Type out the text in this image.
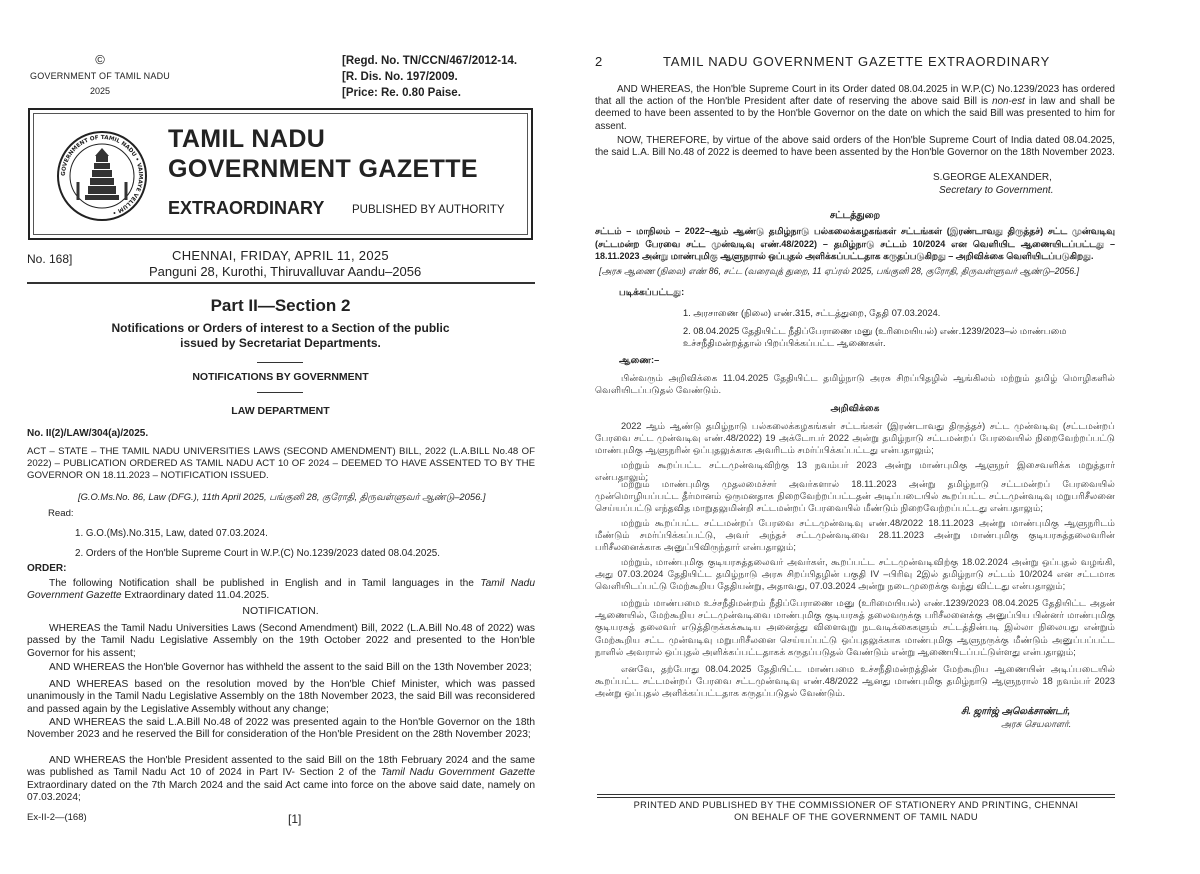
©
GOVERNMENT OF TAMIL NADU
2025
[Regd. No. TN/CCN/467/2012-14.
[R. Dis. No. 197/2009.
[Price: Re. 0.80 Paise.
GOVERNMENT OF TAMIL NADU • VAIMAYE VELLUM •
TAMIL NADU
GOVERNMENT GAZETTE
EXTRAORDINARY PUBLISHED BY AUTHORITY
No. 168]	CHENNAI, FRIDAY, APRIL 11, 2025
Panguni 28, Kurothi, Thiruvalluvar Aandu–2056
Part II—Section 2
Notifications or Orders of interest to a Section of the public
issued by Secretariat Departments.
NOTIFICATIONS BY GOVERNMENT
LAW DEPARTMENT
No. II(2)/LAW/304(a)/2025.
ACT – STATE – THE TAMIL NADU UNIVERSITIES LAWS (SECOND AMENDMENT) BILL, 2022 (L.A.BILL No.48 OF 2022) – PUBLICATION ORDERED AS TAMIL NADU ACT 10 OF 2024 – DEEMED TO HAVE ASSENTED TO BY THE GOVERNOR ON 18.11.2023 – NOTIFICATION ISSUED.
[G.O.Ms.No. 86, Law (DFG.), 11th April 2025, பங்குனி 28, குரோதி, திருவள்ளுவர் ஆண்டு–2056.]
Read:
1. G.O.(Ms).No.315, Law, dated 07.03.2024.
2. Orders of the Hon'ble Supreme Court in W.P.(C) No.1239/2023 dated 08.04.2025.
ORDER:
The following Notification shall be published in English and in Tamil languages in the Tamil Nadu Government Gazette Extraordinary dated 11.04.2025.
NOTIFICATION.
WHEREAS the Tamil Nadu Universities Laws (Second Amendment) Bill, 2022 (L.A.Bill No.48 of 2022) was passed by the Tamil Nadu Legislative Assembly on the 19th October 2022 and presented to the Hon'ble Governor for his assent;
AND WHEREAS the Hon'ble Governor has withheld the assent to the said Bill on the 13th November 2023;
AND WHEREAS based on the resolution moved by the Hon'ble Chief Minister, which was passed unanimously in the Tamil Nadu Legislative Assembly on the 18th November 2023, the said Bill was reconsidered and passed again by the Legislative Assembly without any change;
AND WHEREAS the said L.A.Bill No.48 of 2022 was presented again to the Hon'ble Governor on the 18th November 2023 and he reserved the Bill for consideration of the Hon'ble President on the 28th November 2023;
AND WHEREAS the Hon'ble President assented to the said Bill on the 18th February 2024 and the same was published as Tamil Nadu Act 10 of 2024 in Part IV- Section 2 of the Tamil Nadu Government Gazette Extraordinary dated on the 7th March 2024 and the said Act came into force on the above said date, namely on 07.03.2024;
Ex-II-2—(168)	[1]
2	TAMIL NADU GOVERNMENT GAZETTE EXTRAORDINARY
AND WHEREAS, the Hon'ble Supreme Court in its Order dated 08.04.2025 in W.P.(C) No.1239/2023 has ordered that all the action of the Hon'ble President after date of reserving the above said Bill is non-est in law and shall be deemed to have been assented to by the Hon'ble Governor on the date on which the said Bill was presented to him for assent.
NOW, THEREFORE, by virtue of the above said orders of the Hon'ble Supreme Court of India dated 08.04.2025, the said L.A. Bill No.48 of 2022 is deemed to have been assented by the Hon'ble Governor on the 18th November 2023.
S.GEORGE ALEXANDER,
Secretary to Government.
சட்டத்துறை
சட்டம் – மாநிலம் – 2022–ஆம் ஆண்டு தமிழ்நாடு பல்கலைக்கழகங்கள் சட்டங்கள் (இரண்டாவது திருத்தச்) சட்ட முன்வடிவு (சட்டமன்ற பேரவை சட்ட முன்வடிவு எண்.48/2022) – தமிழ்நாடு சட்டம் 10/2024 என வெளியிட ஆணையிடப்பட்டது – 18.11.2023 அன்று மாண்புமிகு ஆளுநரால் ஒப்புதல் அளிக்கப்பட்டதாக கருதப்படுகிறது – அறிவிக்கை வெளியிடப்படுகிறது.
[அரசு ஆணை (நிலை) எண் 86, சட்ட (வரைவுத் துறை, 11 ஏப்ரல் 2025, பங்குனி 28, குரோதி, திருவள்ளுவர் ஆண்டு–2056.]
படிக்கப்பட்டது:
1. அரசாணை (நிலை) எண்.315, சட்டத்துறை, தேதி 07.03.2024.
2. 08.04.2025 தேதியிட்ட நீதிப்பேராணை மனு (உரிமையியல்) எண்.1239/2023–ல் மாண்பமை உச்சநீதிமன்றத்தால் பிறப்பிக்கப்பட்ட ஆணைகள்.
ஆணை:–
பின்வரும் அறிவிக்கை 11.04.2025 தேதியிட்ட தமிழ்நாடு அரசு சிறப்பிதழில் ஆங்கிலம் மற்றும் தமிழ் மொழிகளில் வெளியிடப்படுதல் வேண்டும்.
அறிவிக்கை
2022 ஆம் ஆண்டு தமிழ்நாடு பல்கலைக்கழகங்கள் சட்டங்கள் (இரண்டாவது திருத்தச்) சட்ட முன்வடிவு (சட்டமன்றப் பேரவை சட்ட முன்வடிவு எண்.48/2022) 19 அக்டோபர் 2022 அன்று தமிழ்நாடு சட்டமன்றப் பேரவையில் நிறைவேற்றப்பட்டு மாண்புமிகு ஆளுநரின் ஒப்புதலுக்காக அவரிடம் சமர்ப்பிக்கப்பட்டது என்பதாலும்;
மற்றும் கூறப்பட்ட சட்டமுன்வடிவிற்கு 13 நவம்பர் 2023 அன்று மாண்புமிகு ஆளுநர் இசைவளிக்க மறுத்தார் என்பதாலும்;
மற்றும் மாண்புமிகு முதலமைச்சர் அவர்களால் 18.11.2023 அன்று தமிழ்நாடு சட்டமன்றப் பேரவையில் முன்மொழியப்பட்ட தீர்மானம் ஒருமனதாக நிறைவேற்றப்பட்டதன் அடிப்படையில் கூறப்பட்ட சட்டமுன்வடிவு மறுபரிசீலனை செய்யப்பட்டு எந்தவித மாறுதலுமின்றி சட்டமன்றப் பேரவையில் மீண்டும் நிறைவேற்றப்பட்டது என்பதாலும்;
மற்றும் கூறப்பட்ட சட்டமன்றப் பேரவை சட்டமுன்வடிவு எண்.48/2022 18.11.2023 அன்று மாண்புமிகு ஆளுநரிடம் மீண்டும் சமர்ப்பிக்கப்பட்டு, அவர் அந்தச் சட்டமுன்வடிவை 28.11.2023 அன்று மாண்புமிகு குடியரசுத்தலைவரின் பரிசீலனைக்காக அனுப்பிவிருந்தார் என்பதாலும்;
மற்றும், மாண்புமிகு குடியரசுத்தலைவர் அவர்கள், கூறப்பட்ட சட்டமுன்வடிவிற்கு 18.02.2024 அன்று ஒப்புதல் வழங்கி, அது 07.03.2024 தேதியிட்ட தமிழ்நாடு அரசு சிறப்பிதழின் பகுதி IV –பிரிவு 2இல் தமிழ்நாடு சட்டம் 10/2024 என சட்டமாக வெளியிடப்பட்டு மேற்கூறிய தேதியன்று, அதாவது, 07.03.2024 அன்று நடைமுறைக்கு வந்து விட்டது என்பதாலும்;
மற்றும் மாண்பமை உச்சநீதிமன்றம் நீதிப்பேராணை மனு (உரிமையியல்) எண்.1239/2023 08.04.2025 தேதியிட்ட அதன் ஆணையில், மேற்கூறிய சட்டமுன்வடிவை மாண்புமிகு குடியரசுத் தலைவருக்கு பரிசீலனைக்கு அனுப்பிய பின்னர் மாண்புமிகு குடியரசுத் தலைவர் எடுத்திருக்கக்கூடிய அனைத்து விளைவுறு நடவடிக்கைகளும் சட்டத்தின்படி இல்லா நிலையது என்றும் மேற்கூறிய சட்ட முன்வடிவு மறுபரிசீலனை செய்யப்பட்டு ஒப்புதலுக்காக மாண்புமிகு ஆளுநருக்கு மீண்டும் அனுப்பப்பட்ட நாளில் அவரால் ஒப்புதல் அளிக்கப்பட்டதாகக் கருதப்படுதல் வேண்டும் என்று ஆணையிடப்பட்டுள்ளது என்பதாலும்;
எனவே, தற்போது 08.04.2025 தேதியிட்ட மாண்பமை உச்சநீதிமன்றத்தின் மேற்கூறிய ஆணையின் அடிப்படையில் கூறப்பட்ட சட்டமன்றப் பேரவை சட்டமுன்வடிவு எண்.48/2022 ஆனது மாண்புமிகு தமிழ்நாடு ஆளுநரால் 18 நவம்பர் 2023 அன்று ஒப்புதல் அளிக்கப்பட்டதாக கருதப்படுதல் வேண்டும்.
சி. ஜார்ஜ் அலெக்சாண்டர்,
அரசு செயலாளர்.
PRINTED AND PUBLISHED BY THE COMMISSIONER OF STATIONERY AND PRINTING, CHENNAI
ON BEHALF OF THE GOVERNMENT OF TAMIL NADU
